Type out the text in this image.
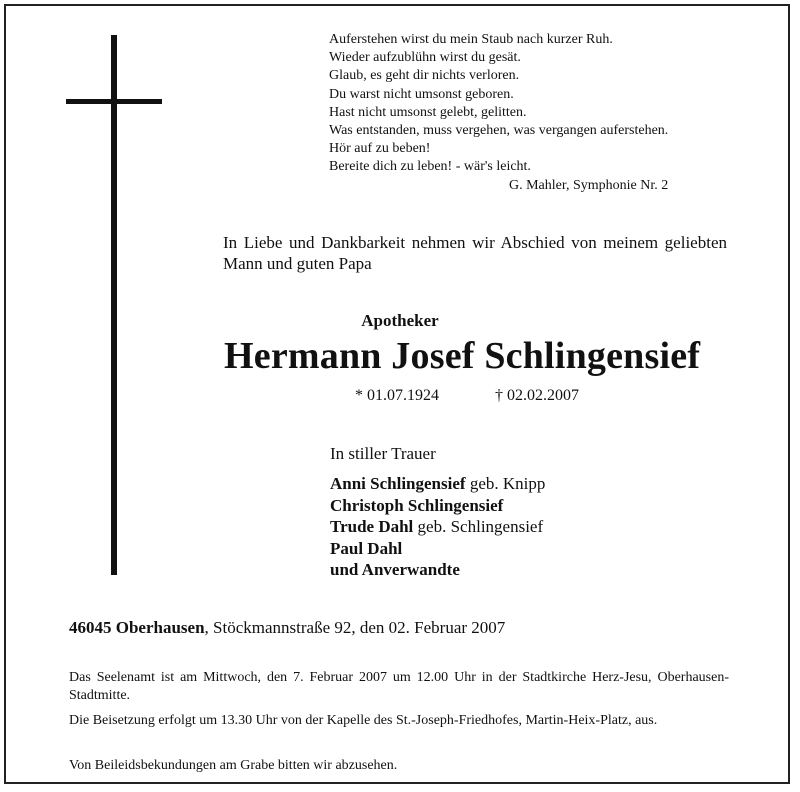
Auferstehen wirst du mein Staub nach kurzer Ruh.
Wieder aufzublühn wirst du gesät.
Glaub, es geht dir nichts verloren.
Du warst nicht umsonst geboren.
Hast nicht umsonst gelebt, gelitten.
Was entstanden, muss vergehen, was vergangen auferstehen.
Hör auf zu beben!
Bereite dich zu leben! - wär's leicht.
G. Mahler, Symphonie Nr. 2
In Liebe und Dankbarkeit nehmen wir Abschied von meinem geliebten Mann und guten Papa
Apotheker
Hermann Josef Schlingensief
* 01.07.1924	† 02.02.2007
In stiller Trauer
Anni Schlingensief geb. Knipp
Christoph Schlingensief
Trude Dahl geb. Schlingensief
Paul Dahl
und Anverwandte
46045 Oberhausen, Stöckmannstraße 92, den 02. Februar 2007
Das Seelenamt ist am Mittwoch, den 7. Februar 2007 um 12.00 Uhr in der Stadtkirche Herz-Jesu, Oberhausen-Stadtmitte.
Die Beisetzung erfolgt um 13.30 Uhr von der Kapelle des St.-Joseph-Friedhofes, Martin-Heix-Platz, aus.
Von Beileidsbekundungen am Grabe bitten wir abzusehen.
